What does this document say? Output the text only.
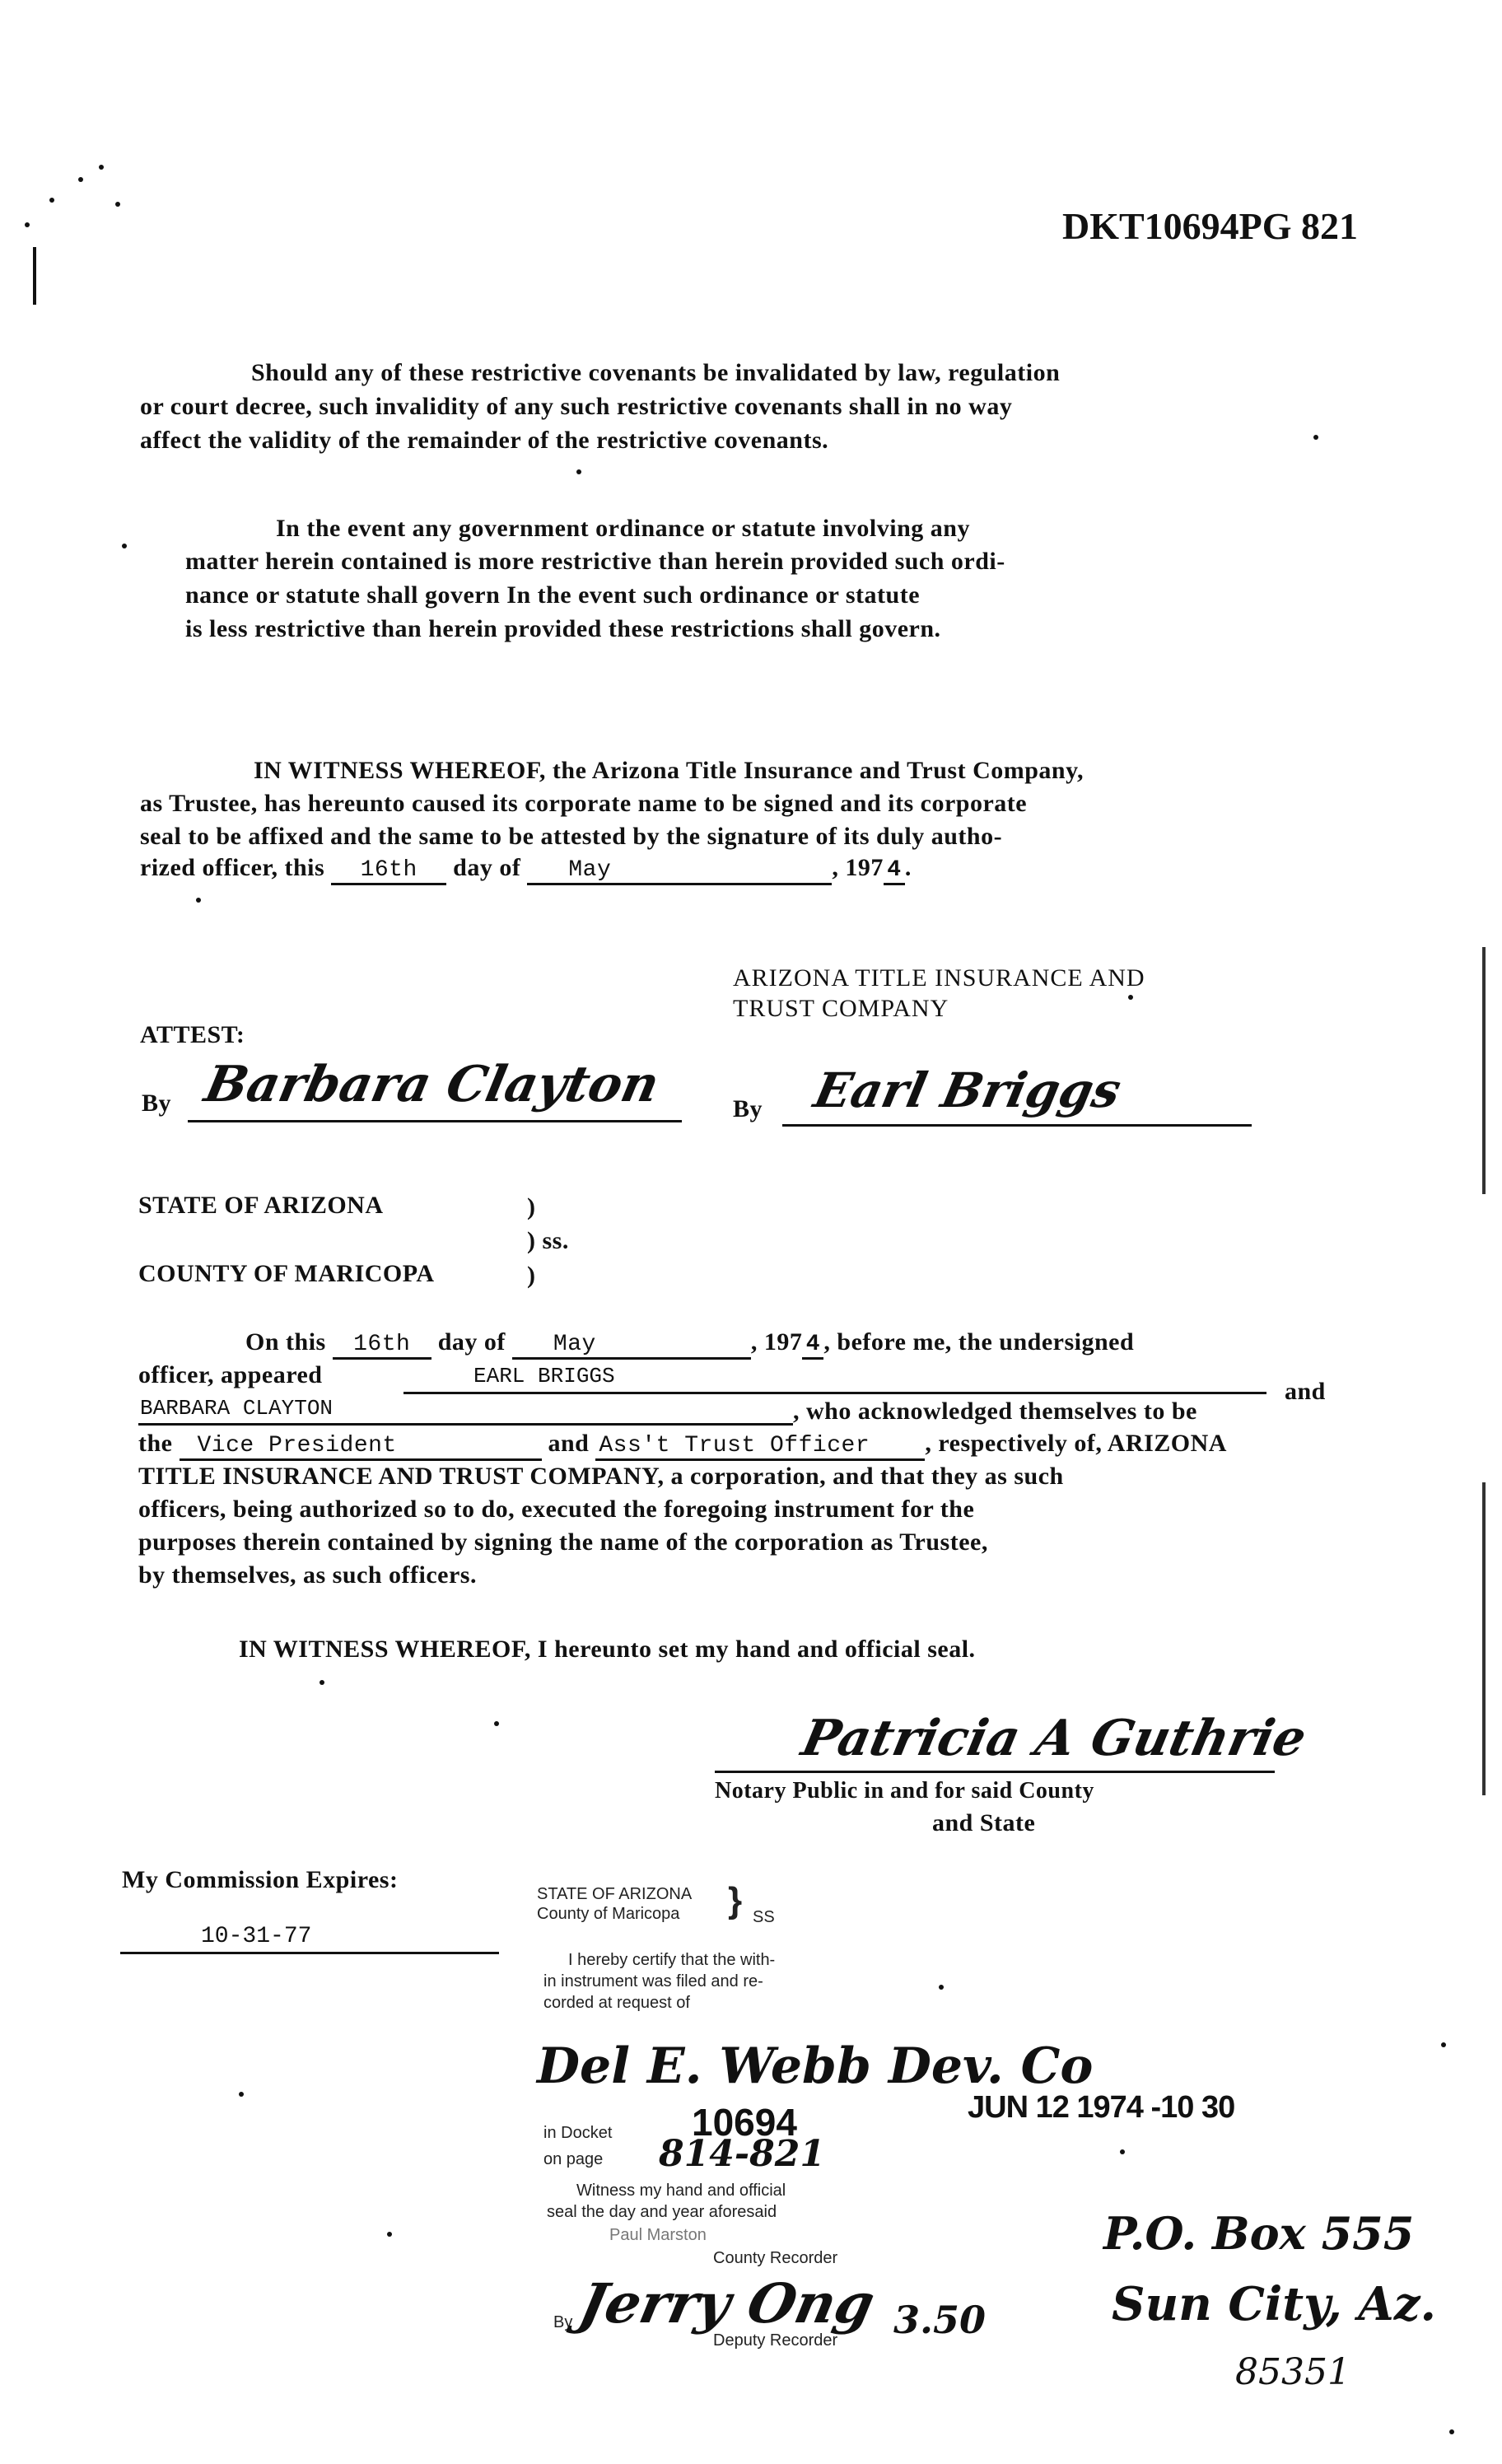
DKT10694PG 821
Should any of these restrictive covenants be invalidated by law, regulation
or court decree, such invalidity of any such restrictive covenants shall in no way
affect the validity of the remainder of the restrictive covenants.
In the event any government ordinance or statute involving any
matter herein contained is more restrictive than herein provided such ordi-
nance or statute shall govern In the event such ordinance or statute
is less restrictive than herein provided these restrictions shall govern.
IN WITNESS WHEREOF, the Arizona Title Insurance and Trust Company,
as Trustee, has hereunto caused its corporate name to be signed and its corporate
seal to be affixed and the same to be attested by the signature of its duly autho-
rized officer, this 16th day of May	, 197 4 .
ARIZONA TITLE INSURANCE AND
TRUST COMPANY
ATTEST:
By Barbara Clayton	By Earl Briggs
STATE OF ARIZONA	)
) ss.
COUNTY OF MARICOPA	)
On this 16th day of May	, 197 4 , before me, the undersigned
officer, appeared	EARL BRIGGS
and
BARBARA CLAYTON	, who acknowledged themselves to be
the Vice President	and Ass't Trust Officer , respectively of, ARIZONA
TITLE INSURANCE AND TRUST COMPANY, a corporation, and that they as such
officers, being authorized so to do, executed the foregoing instrument for the
purposes therein contained by signing the name of the corporation as Trustee,
by themselves, as such officers.
IN WITNESS WHEREOF, I hereunto set my hand and official seal.
Patricia A Guthrie
Notary Public in and for said County
and State
My Commission Expires:
10-31-77
STATE OF ARIZONA
County of Maricopa } SS
I hereby certify that the with-
in instrument was filed and re-
corded at request of
Del E. Webb Dev. Co
JUN 12 1974 -10 30
in Docket 10694
on page 814-821
Witness my hand and official
seal the day and year aforesaid
Paul Marston
County Recorder
By Jerry Ong
Deputy Recorder 3.50
P.O. Box 555
Sun City, Az.
85351
